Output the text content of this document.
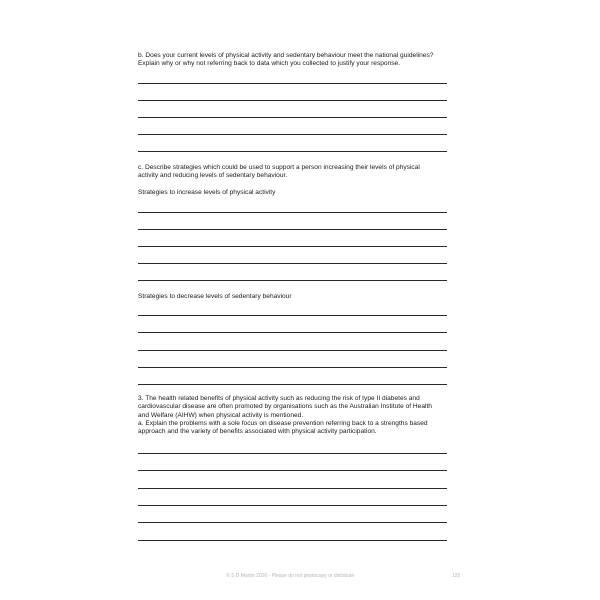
b. Does your current levels of physical activity and sedentary behaviour meet the national guidelines?
Explain why or why not referring back to data which you collected to justify your response.

c. Describe strategies which could be used to support a person increasing their levels of physical
activity and reducing levels of sedentary behaviour.

Strategies to increase levels of physical activity

Strategies to decrease levels of sedentary behaviour

3. The health related benefits of physical activity such as reducing the risk of type II diabetes and
cardiovascular disease are often promoted by organisations such as the Australian Institute of Health
and Welfare (AIHW) when physical activity is mentioned.
a. Explain the problems with a sole focus on disease prevention referring back to a strengths based
approach and the variety of benefits associated with physical activity participation.

© S D Martin 2026 - Please do not photocopy or distribute	125
